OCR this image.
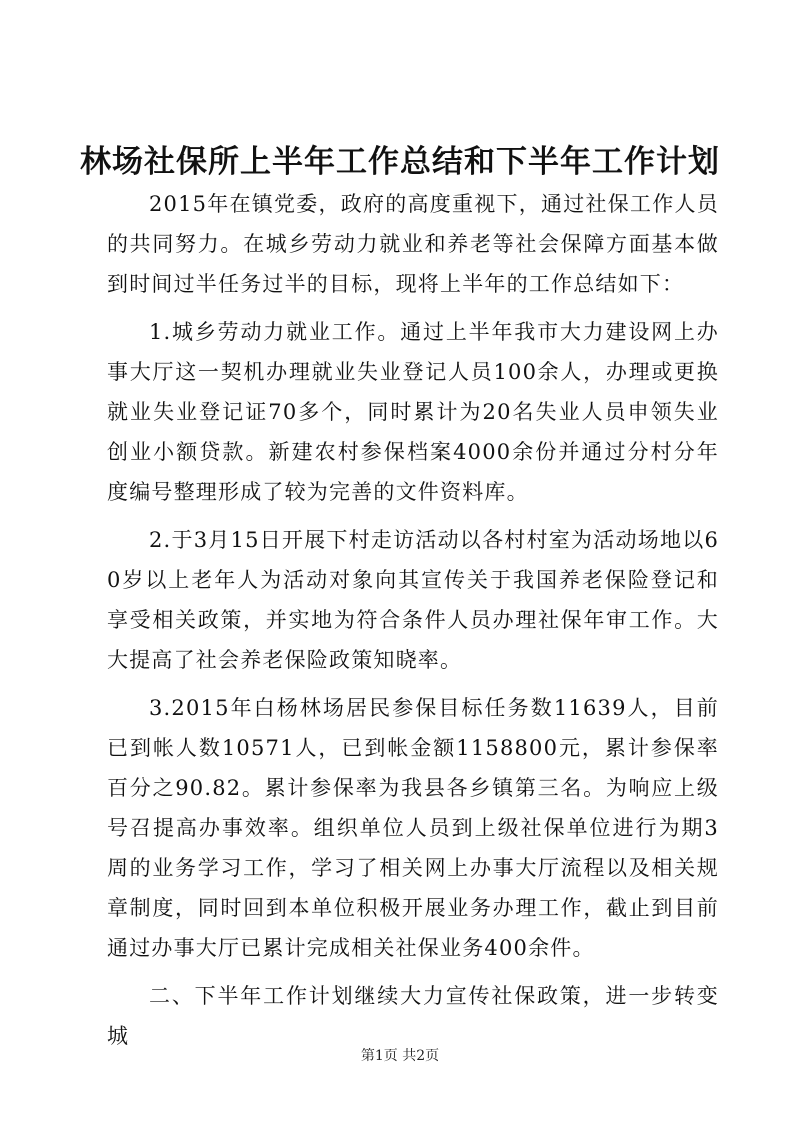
林场社保所上半年工作总结和下半年工作计划

2015年在镇党委，政府的高度重视下，通过社保工作人员的共同努力。在城乡劳动力就业和养老等社会保障方面基本做到时间过半任务过半的目标，现将上半年的工作总结如下：

1.城乡劳动力就业工作。通过上半年我市大力建设网上办事大厅这一契机办理就业失业登记人员100余人，办理或更换就业失业登记证70多个，同时累计为20名失业人员申领失业创业小额贷款。新建农村参保档案4000余份并通过分村分年度编号整理形成了较为完善的文件资料库。

2.于3月15日开展下村走访活动以各村村室为活动场地以60岁以上老年人为活动对象向其宣传关于我国养老保险登记和享受相关政策，并实地为符合条件人员办理社保年审工作。大大提高了社会养老保险政策知晓率。

3.2015年白杨林场居民参保目标任务数11639人，目前已到帐人数10571人，已到帐金额1158800元，累计参保率百分之90.82。累计参保率为我县各乡镇第三名。为响应上级号召提高办事效率。组织单位人员到上级社保单位进行为期3周的业务学习工作，学习了相关网上办事大厅流程以及相关规章制度，同时回到本单位积极开展业务办理工作，截止到目前通过办事大厅已累计完成相关社保业务400余件。

二、下半年工作计划继续大力宣传社保政策，进一步转变城

第1页 共2页
